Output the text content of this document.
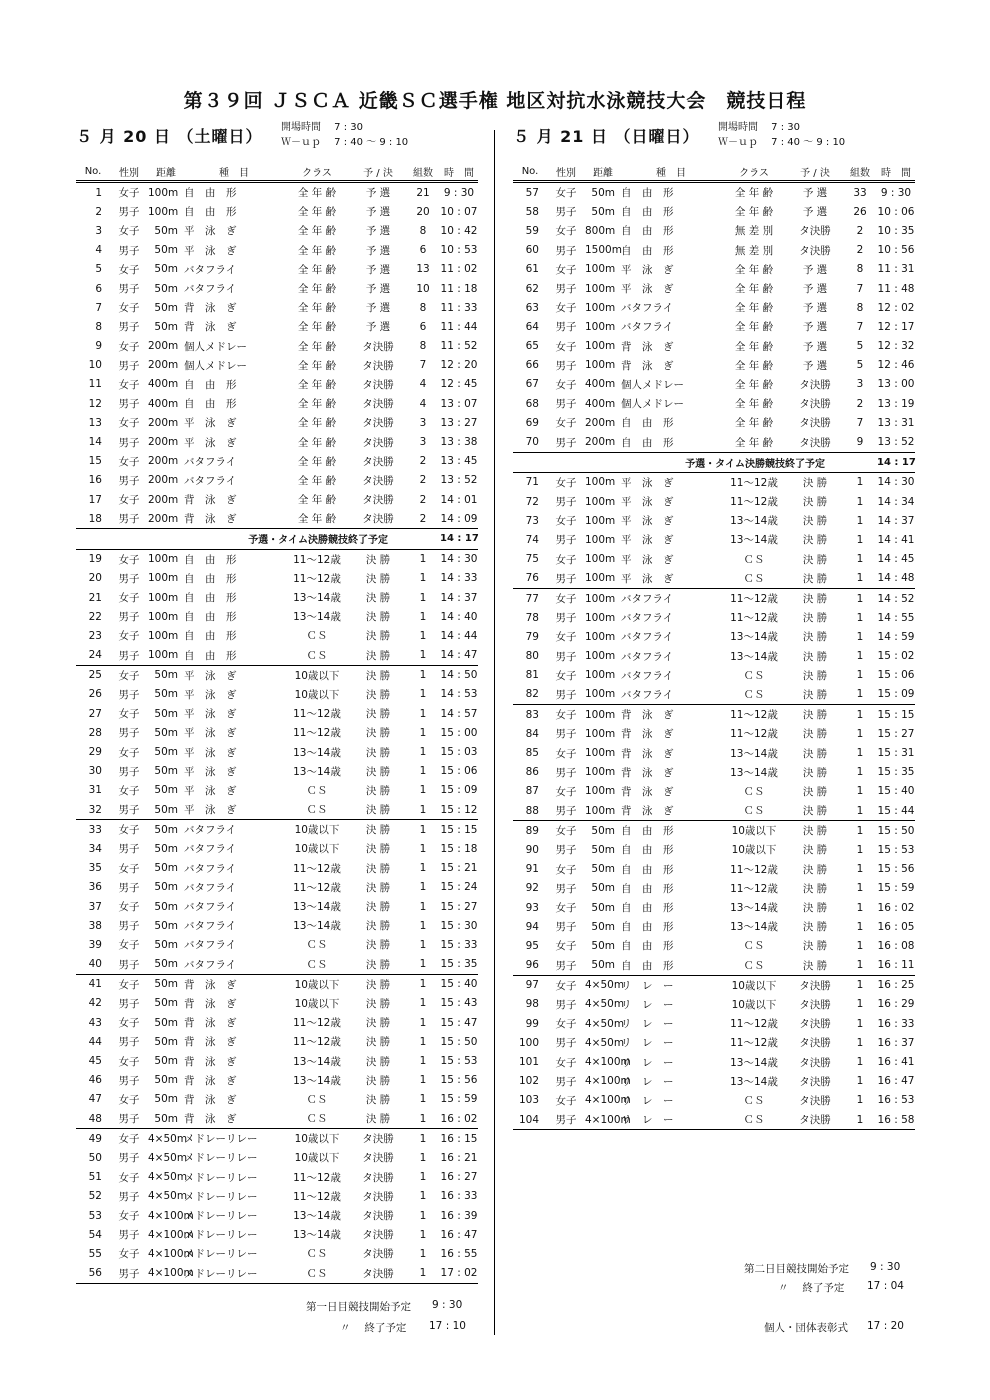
第３９回 ＪＳＣＡ 近畿ＳＣ選手権 地区対抗水泳競技大会　競技日程
５ 月 20 日 （土曜日） 開場時間　 7 : 30
Ｗ－ｕｐ　 7 : 40 ～ 9 : 10
No.	性別	距離	種　目	クラス	予 / 決	組数	時　間
1	女子	100m	自　由　形	全 年 齢	予 選	21	9 : 30
2	男子	100m	自　由　形	全 年 齢	予 選	20	10 : 07
3	女子	50m	平　泳　ぎ	全 年 齢	予 選	8	10 : 42
4	男子	50m	平　泳　ぎ	全 年 齢	予 選	6	10 : 53
5	女子	50m	バタフライ	全 年 齢	予 選	13	11 : 02
6	男子	50m	バタフライ	全 年 齢	予 選	10	11 : 18
7	女子	50m	背　泳　ぎ	全 年 齢	予 選	8	11 : 33
8	男子	50m	背　泳　ぎ	全 年 齢	予 選	6	11 : 44
9	女子	200m	個人メドレー	全 年 齢	タ決勝	8	11 : 52
10	男子	200m	個人メドレー	全 年 齢	タ決勝	7	12 : 20
11	女子	400m	自　由　形	全 年 齢	タ決勝	4	12 : 45
12	男子	400m	自　由　形	全 年 齢	タ決勝	4	13 : 07
13	女子	200m	平　泳　ぎ	全 年 齢	タ決勝	3	13 : 27
14	男子	200m	平　泳　ぎ	全 年 齢	タ決勝	3	13 : 38
15	女子	200m	バタフライ	全 年 齢	タ決勝	2	13 : 45
16	男子	200m	バタフライ	全 年 齢	タ決勝	2	13 : 52
17	女子	200m	背　泳　ぎ	全 年 齢	タ決勝	2	14 : 01
18	男子	200m	背　泳　ぎ	全 年 齢	タ決勝	2	14 : 09
予選・タイム決勝競技終了予定							14 : 17
19	女子	100m	自　由　形	11～12歳	決 勝	1	14 : 30
20	男子	100m	自　由　形	11～12歳	決 勝	1	14 : 33
21	女子	100m	自　由　形	13～14歳	決 勝	1	14 : 37
22	男子	100m	自　由　形	13～14歳	決 勝	1	14 : 40
23	女子	100m	自　由　形	ＣＳ	決 勝	1	14 : 44
24	男子	100m	自　由　形	ＣＳ	決 勝	1	14 : 47
25	女子	50m	平　泳　ぎ	10歳以下	決 勝	1	14 : 50
26	男子	50m	平　泳　ぎ	10歳以下	決 勝	1	14 : 53
27	女子	50m	平　泳　ぎ	11～12歳	決 勝	1	14 : 57
28	男子	50m	平　泳　ぎ	11～12歳	決 勝	1	15 : 00
29	女子	50m	平　泳　ぎ	13～14歳	決 勝	1	15 : 03
30	男子	50m	平　泳　ぎ	13～14歳	決 勝	1	15 : 06
31	女子	50m	平　泳　ぎ	ＣＳ	決 勝	1	15 : 09
32	男子	50m	平　泳　ぎ	ＣＳ	決 勝	1	15 : 12
33	女子	50m	バタフライ	10歳以下	決 勝	1	15 : 15
34	男子	50m	バタフライ	10歳以下	決 勝	1	15 : 18
35	女子	50m	バタフライ	11～12歳	決 勝	1	15 : 21
36	男子	50m	バタフライ	11～12歳	決 勝	1	15 : 24
37	女子	50m	バタフライ	13～14歳	決 勝	1	15 : 27
38	男子	50m	バタフライ	13～14歳	決 勝	1	15 : 30
39	女子	50m	バタフライ	ＣＳ	決 勝	1	15 : 33
40	男子	50m	バタフライ	ＣＳ	決 勝	1	15 : 35
41	女子	50m	背　泳　ぎ	10歳以下	決 勝	1	15 : 40
42	男子	50m	背　泳　ぎ	10歳以下	決 勝	1	15 : 43
43	女子	50m	背　泳　ぎ	11～12歳	決 勝	1	15 : 47
44	男子	50m	背　泳　ぎ	11～12歳	決 勝	1	15 : 50
45	女子	50m	背　泳　ぎ	13～14歳	決 勝	1	15 : 53
46	男子	50m	背　泳　ぎ	13～14歳	決 勝	1	15 : 56
47	女子	50m	背　泳　ぎ	ＣＳ	決 勝	1	15 : 59
48	男子	50m	背　泳　ぎ	ＣＳ	決 勝	1	16 : 02
49	女子	4×50m	メドレーリレー	10歳以下	タ決勝	1	16 : 15
50	男子	4×50m	メドレーリレー	10歳以下	タ決勝	1	16 : 21
51	女子	4×50m	メドレーリレー	11～12歳	タ決勝	1	16 : 27
52	男子	4×50m	メドレーリレー	11～12歳	タ決勝	1	16 : 33
53	女子	4×100m	メドレーリレー	13～14歳	タ決勝	1	16 : 39
54	男子	4×100m	メドレーリレー	13～14歳	タ決勝	1	16 : 47
55	女子	4×100m	メドレーリレー	ＣＳ	タ決勝	1	16 : 55
56	男子	4×100m	メドレーリレー	ＣＳ	タ決勝	1	17 : 02
５ 月 21 日 （日曜日） 開場時間　 7 : 30
Ｗ－ｕｐ　 7 : 40 ～ 9 : 10
No.	性別	距離	種　目	クラス	予 / 決	組数	時　間
57	女子	50m	自　由　形	全 年 齢	予 選	33	9 : 30
58	男子	50m	自　由　形	全 年 齢	予 選	26	10 : 06
59	女子	800m	自　由　形	無 差 別	タ決勝	2	10 : 35
60	男子	1500m	自　由　形	無 差 別	タ決勝	2	10 : 56
61	女子	100m	平　泳　ぎ	全 年 齢	予 選	8	11 : 31
62	男子	100m	平　泳　ぎ	全 年 齢	予 選	7	11 : 48
63	女子	100m	バタフライ	全 年 齢	予 選	8	12 : 02
64	男子	100m	バタフライ	全 年 齢	予 選	7	12 : 17
65	女子	100m	背　泳　ぎ	全 年 齢	予 選	5	12 : 32
66	男子	100m	背　泳　ぎ	全 年 齢	予 選	5	12 : 46
67	女子	400m	個人メドレー	全 年 齢	タ決勝	3	13 : 00
68	男子	400m	個人メドレー	全 年 齢	タ決勝	2	13 : 19
69	女子	200m	自　由　形	全 年 齢	タ決勝	7	13 : 31
70	男子	200m	自　由　形	全 年 齢	タ決勝	9	13 : 52
予選・タイム決勝競技終了予定							14 : 17
71	女子	100m	平　泳　ぎ	11～12歳	決 勝	1	14 : 30
72	男子	100m	平　泳　ぎ	11～12歳	決 勝	1	14 : 34
73	女子	100m	平　泳　ぎ	13～14歳	決 勝	1	14 : 37
74	男子	100m	平　泳　ぎ	13～14歳	決 勝	1	14 : 41
75	女子	100m	平　泳　ぎ	ＣＳ	決 勝	1	14 : 45
76	男子	100m	平　泳　ぎ	ＣＳ	決 勝	1	14 : 48
77	女子	100m	バタフライ	11～12歳	決 勝	1	14 : 52
78	男子	100m	バタフライ	11～12歳	決 勝	1	14 : 55
79	女子	100m	バタフライ	13～14歳	決 勝	1	14 : 59
80	男子	100m	バタフライ	13～14歳	決 勝	1	15 : 02
81	女子	100m	バタフライ	ＣＳ	決 勝	1	15 : 06
82	男子	100m	バタフライ	ＣＳ	決 勝	1	15 : 09
83	女子	100m	背　泳　ぎ	11～12歳	決 勝	1	15 : 15
84	男子	100m	背　泳　ぎ	11～12歳	決 勝	1	15 : 27
85	女子	100m	背　泳　ぎ	13～14歳	決 勝	1	15 : 31
86	男子	100m	背　泳　ぎ	13～14歳	決 勝	1	15 : 35
87	女子	100m	背　泳　ぎ	ＣＳ	決 勝	1	15 : 40
88	男子	100m	背　泳　ぎ	ＣＳ	決 勝	1	15 : 44
89	女子	50m	自　由　形	10歳以下	決 勝	1	15 : 50
90	男子	50m	自　由　形	10歳以下	決 勝	1	15 : 53
91	女子	50m	自　由　形	11～12歳	決 勝	1	15 : 56
92	男子	50m	自　由　形	11～12歳	決 勝	1	15 : 59
93	女子	50m	自　由　形	13～14歳	決 勝	1	16 : 02
94	男子	50m	自　由　形	13～14歳	決 勝	1	16 : 05
95	女子	50m	自　由　形	ＣＳ	決 勝	1	16 : 08
96	男子	50m	自　由　形	ＣＳ	決 勝	1	16 : 11
97	女子	4×50m	リ　レ　ー	10歳以下	タ決勝	1	16 : 25
98	男子	4×50m	リ　レ　ー	10歳以下	タ決勝	1	16 : 29
99	女子	4×50m	リ　レ　ー	11～12歳	タ決勝	1	16 : 33
100	男子	4×50m	リ　レ　ー	11～12歳	タ決勝	1	16 : 37
101	女子	4×100m	リ　レ　ー	13～14歳	タ決勝	1	16 : 41
102	男子	4×100m	リ　レ　ー	13～14歳	タ決勝	1	16 : 47
103	女子	4×100m	リ　レ　ー	ＣＳ	タ決勝	1	16 : 53
104	男子	4×100m	リ　レ　ー	ＣＳ	タ決勝	1	16 : 58
第一日目競技開始予定 9 : 30
〃　 終了予定 17 : 10
第二日目競技開始予定 9 : 30
〃　 終了予定 17 : 04
個人・団体表彰式 17 : 20
